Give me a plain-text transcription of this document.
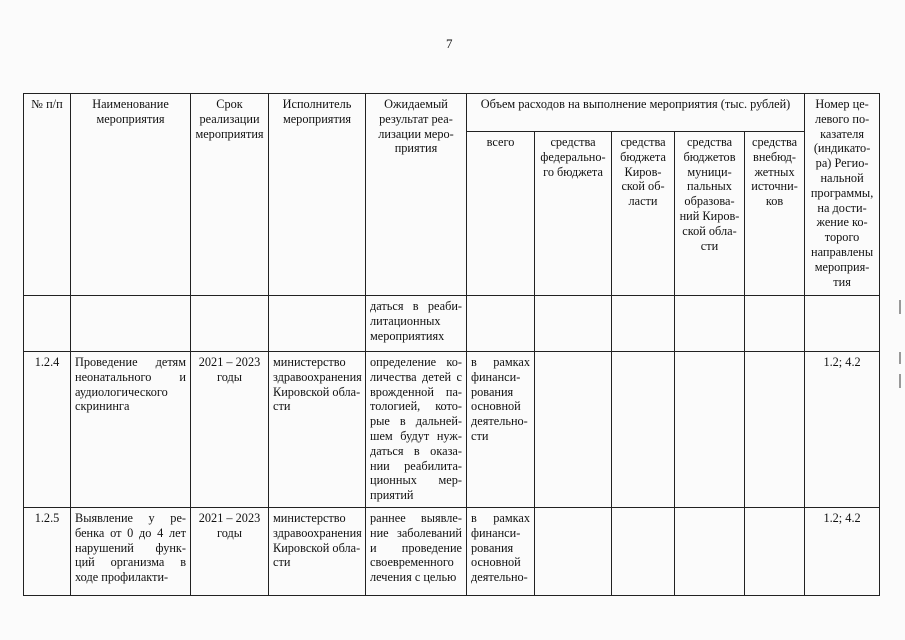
7
№ п/п	Наименование мероприятия	Срок реализации мероприятия	Исполнитель мероприятия	Ожидаемый результат реа-лизации меро-приятия	Объем расходов на выполнение мероприятия (тыс. рублей)					Номер це-левого по-казателя (индикато-ра) Регио-нальной программы, на дости-жение ко-торого направлены мероприя-тия
					всего	средства федерально-го бюджета	средства бюджета Киров-ской об-ласти	средства бюджетов муници-пальных образова-ний Киров-ской обла-сти	средства внебюд-жетных источни-ков	
				даться в реаби-литационных мероприятиях						
1.2.4	Проведение детям неонатального и аудиологического скрининга	2021 – 2023 годы	министерство здравоохранения Кировской обла-сти	определение ко-личества детей с врожденной па-тологией, кото-рые в дальней-шем будут нуж-даться в оказа-нии реабилита-ционных мер-приятий	в рамках финанси-рования основной деятельно-сти					1.2; 4.2
1.2.5	Выявление у ре-бенка от 0 до 4 лет нарушений функ-ций организма в ходе профилакти-	2021 – 2023 годы	министерство здравоохранения Кировской обла-сти	раннее выявле-ние заболеваний и проведение своевременного лечения с целью	в рамках финанси-рования основной деятельно-					1.2; 4.2
